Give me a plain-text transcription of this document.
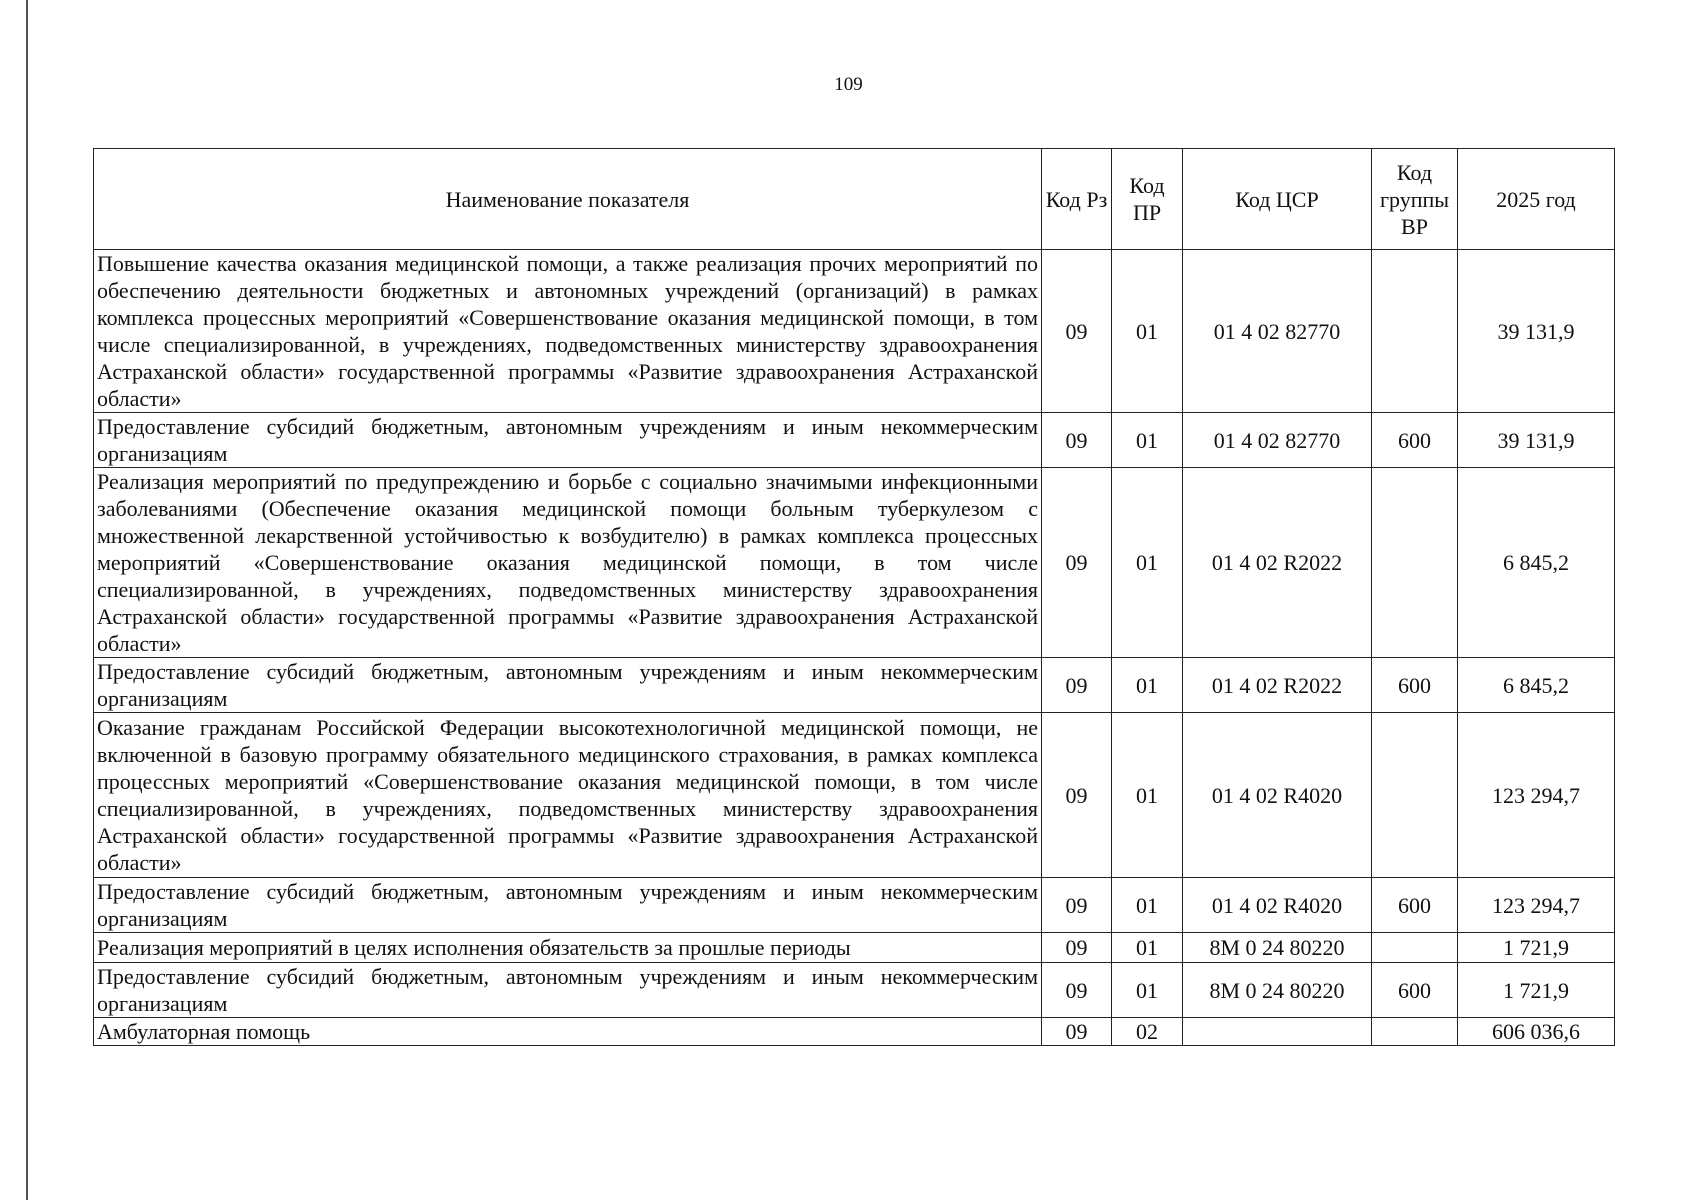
109
Наименование показателя	Код Рз	Код ПР	Код ЦСР	Код группы ВР	2025 год
Повышение качества оказания медицинской помощи, а также реализация прочих мероприятий по обеспечению деятельности бюджетных и автономных учреждений (организаций) в рамках комплекса процессных мероприятий «Совершенствование оказания медицинской помощи, в том числе специализированной, в учреждениях, подведомственных министерству здравоохранения Астраханской области» государственной программы «Развитие здравоохранения Астраханской области»	09	01	01 4 02 82770		39 131,9
Предоставление субсидий бюджетным, автономным учреждениям и иным некоммерческим организациям	09	01	01 4 02 82770	600	39 131,9
Реализация мероприятий по предупреждению и борьбе с социально значимыми инфекционными заболеваниями (Обеспечение оказания медицинской помощи больным туберкулезом с множественной лекарственной устойчивостью к возбудителю) в рамках комплекса процессных мероприятий «Совершенствование оказания медицинской помощи, в том числе специализированной, в учреждениях, подведомственных министерству здравоохранения Астраханской области» государственной программы «Развитие здравоохранения Астраханской области»	09	01	01 4 02 R2022		6 845,2
Предоставление субсидий бюджетным, автономным учреждениям и иным некоммерческим организациям	09	01	01 4 02 R2022	600	6 845,2
Оказание гражданам Российской Федерации высокотехнологичной медицинской помощи, не включенной в базовую программу обязательного медицинского страхования, в рамках комплекса процессных мероприятий «Совершенствование оказания медицинской помощи, в том числе специализированной, в учреждениях, подведомственных министерству здравоохранения Астраханской области» государственной программы «Развитие здравоохранения Астраханской области»	09	01	01 4 02 R4020		123 294,7
Предоставление субсидий бюджетным, автономным учреждениям и иным некоммерческим организациям	09	01	01 4 02 R4020	600	123 294,7
Реализация мероприятий в целях исполнения обязательств за прошлые периоды	09	01	8М 0 24 80220		1 721,9
Предоставление субсидий бюджетным, автономным учреждениям и иным некоммерческим организациям	09	01	8М 0 24 80220	600	1 721,9
Амбулаторная помощь	09	02			606 036,6
